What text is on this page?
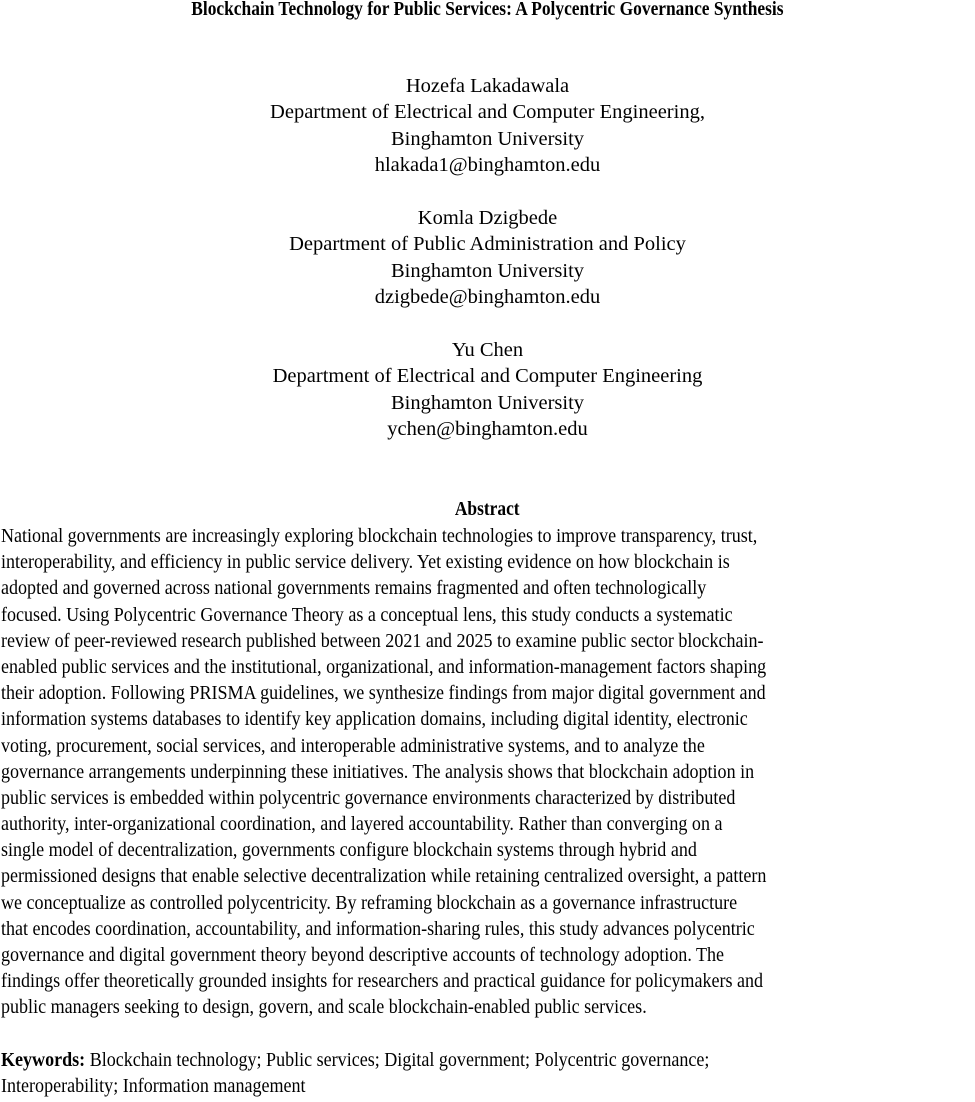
Blockchain Technology for Public Services: A Polycentric Governance Synthesis
Hozefa Lakadawala
Department of Electrical and Computer Engineering,
Binghamton University
hlakada1@binghamton.edu
Komla Dzigbede
Department of Public Administration and Policy
Binghamton University
dzigbede@binghamton.edu
Yu Chen
Department of Electrical and Computer Engineering
Binghamton University
ychen@binghamton.edu
Abstract
National governments are increasingly exploring blockchain technologies to improve transparency, trust,
interoperability, and efficiency in public service delivery. Yet existing evidence on how blockchain is
adopted and governed across national governments remains fragmented and often technologically
focused. Using Polycentric Governance Theory as a conceptual lens, this study conducts a systematic
review of peer-reviewed research published between 2021 and 2025 to examine public sector blockchain-
enabled public services and the institutional, organizational, and information-management factors shaping
their adoption. Following PRISMA guidelines, we synthesize findings from major digital government and
information systems databases to identify key application domains, including digital identity, electronic
voting, procurement, social services, and interoperable administrative systems, and to analyze the
governance arrangements underpinning these initiatives. The analysis shows that blockchain adoption in
public services is embedded within polycentric governance environments characterized by distributed
authority, inter-organizational coordination, and layered accountability. Rather than converging on a
single model of decentralization, governments configure blockchain systems through hybrid and
permissioned designs that enable selective decentralization while retaining centralized oversight, a pattern
we conceptualize as controlled polycentricity. By reframing blockchain as a governance infrastructure
that encodes coordination, accountability, and information-sharing rules, this study advances polycentric
governance and digital government theory beyond descriptive accounts of technology adoption. The
findings offer theoretically grounded insights for researchers and practical guidance for policymakers and
public managers seeking to design, govern, and scale blockchain-enabled public services.
Keywords: Blockchain technology; Public services; Digital government; Polycentric governance;
Interoperability; Information management
